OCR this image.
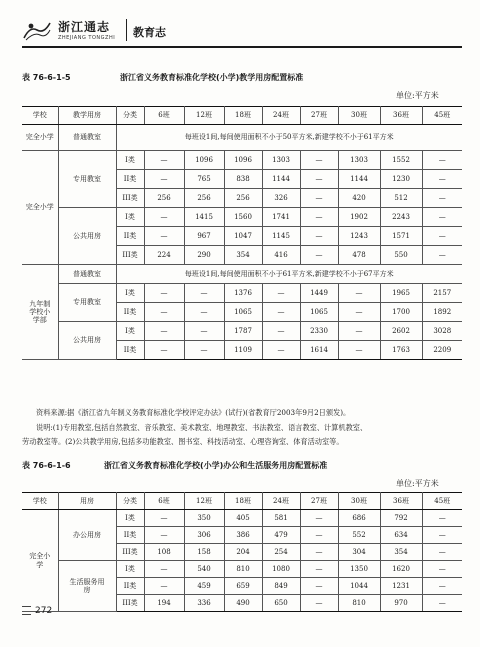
浙江通志
ZHEJIANG TONGZHI 教育志
表 76-6-1-5	浙江省义务教育标准化学校(小学)教学用房配置标准
单位:平方米
学校	教学用房	分类	6班	12班	18班	24班	27班	30班	36班	45班
完全小学	普通教室	每班设1间,每间使用面积不小于50平方米,新建学校不小于61平方米								
完全小学	专用教室	I类	—	1096	1096	1303	—	1303	1552	—
		II类	—	765	838	1144	—	1144	1230	—
		III类	256	256	256	326	—	420	512	—
	公共用房	I类	—	1415	1560	1741	—	1902	2243	—
		II类	—	967	1047	1145	—	1243	1571	—
		III类	224	290	354	416	—	478	550	—
九年制学校小学部	普通教室	每班设1间,每间使用面积不小于61平方米,新建学校不小于67平方米								
	专用教室	I类	—	—	1376	—	1449	—	1965	2157
		II类	—	—	1065	—	1065	—	1700	1892
	公共用房	I类	—	—	1787	—	2330	—	2602	3028
		II类	—	—	1109	—	1614	—	1763	2209

资料来源:据《浙江省九年制义务教育标准化学校评定办法》(试行)(省教育厅2003年9月2日颁发)。

说明:(1)专用教室,包括自然教室、音乐教室、美术教室、地理教室、书法教室、语言教室、计算机教室、

劳动教室等。(2)公共教学用房,包括多功能教室、图书室、科技活动室、心理咨询室、体育活动室等。

表 76-6-1-6	浙江省义务教育标准化学校(小学)办公和生活服务用房配置标准
单位:平方米
学校	用房	分类	6班	12班	18班	24班	27班	30班	36班	45班
完全小学	办公用房	I类	—	350	405	581	—	686	792	—
		II类	—	306	386	479	—	552	634	—
		III类	108	158	204	254	—	304	354	—
	生活服务用房	I类	—	540	810	1080	—	1350	1620	—
		II类	—	459	659	849	—	1044	1231	—
		III类	194	336	490	650	—	810	970	—
272
